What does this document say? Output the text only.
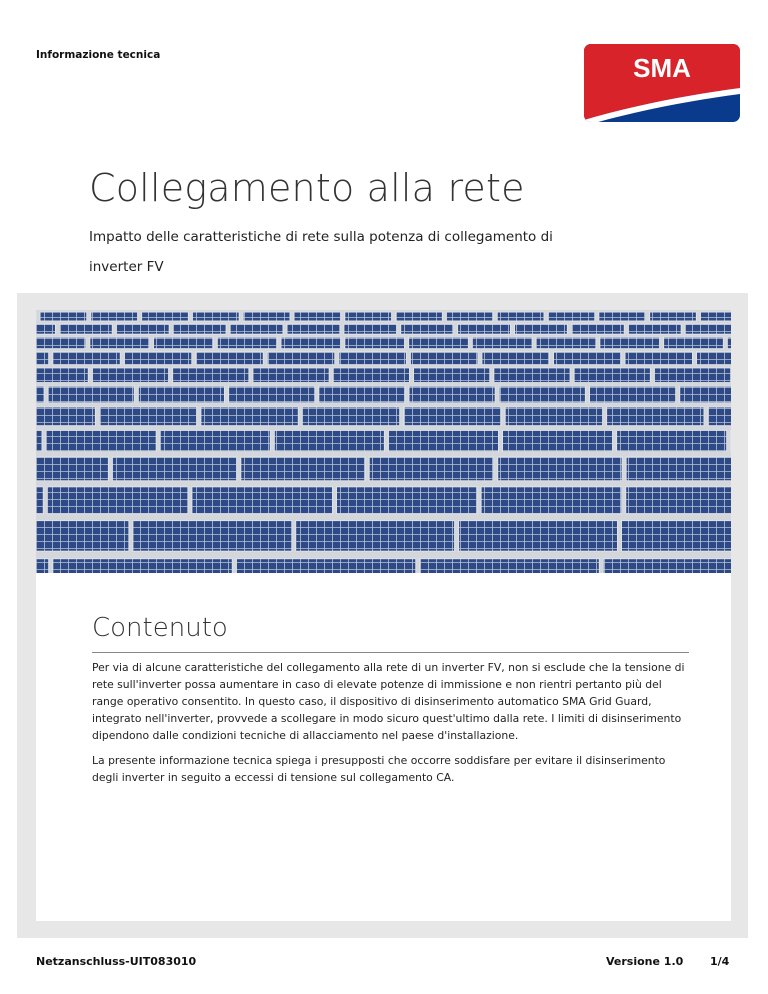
Informazione tecnica	SMA
Collegamento alla rete

Impatto delle caratteristiche di rete sulla potenza di collegamento di inverter FV

Contenuto

Per via di alcune caratteristiche del collegamento alla rete di un inverter FV, non si esclude che la tensione di rete sull'inverter possa aumentare in caso di elevate potenze di immissione e non rientri pertanto più del range operativo consentito. In questo caso, il dispositivo di disinserimento automatico SMA Grid Guard, integrato nell'inverter, provvede a scollegare in modo sicuro quest'ultimo dalla rete. I limiti di disinserimento dipendono dalle condizioni tecniche di allacciamento nel paese d'installazione.

La presente informazione tecnica spiega i presupposti che occorre soddisfare per evitare il disinserimento degli inverter in seguito a eccessi di tensione sul collegamento CA.

Netzanschluss-UIT083010	Versione 1.0 1/4
